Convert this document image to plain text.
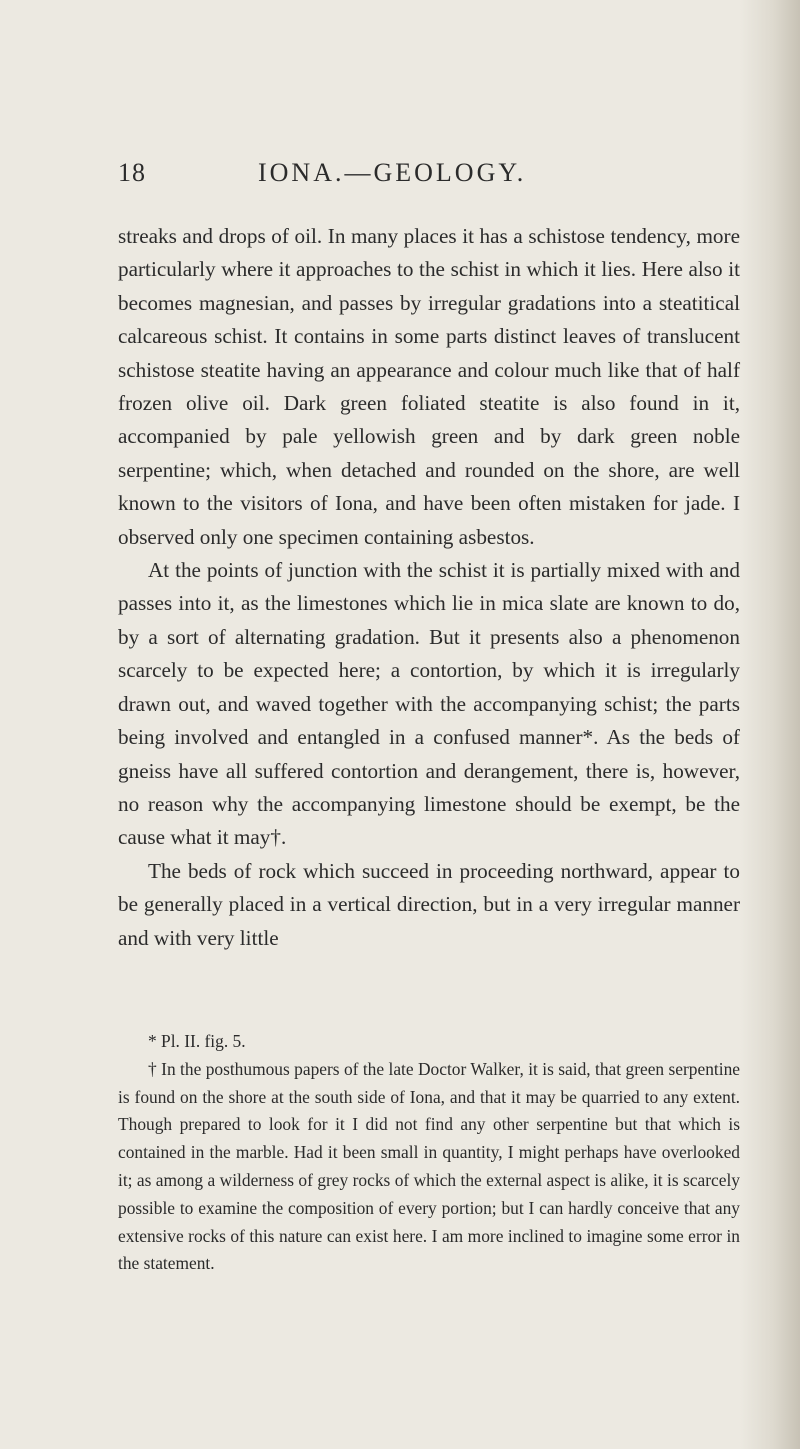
18	IONA.—GEOLOGY.

streaks and drops of oil. In many places it has a schistose tendency, more particularly where it approaches to the schist in which it lies. Here also it becomes magnesian, and passes by irregular gradations into a steatitical calcareous schist. It contains in some parts distinct leaves of translucent schistose steatite having an appearance and colour much like that of half frozen olive oil. Dark green foliated steatite is also found in it, accompanied by pale yellowish green and by dark green noble serpentine; which, when detached and rounded on the shore, are well known to the visitors of Iona, and have been often mistaken for jade. I observed only one specimen containing asbestos.

At the points of junction with the schist it is partially mixed with and passes into it, as the limestones which lie in mica slate are known to do, by a sort of alternating gradation. But it presents also a phenomenon scarcely to be expected here; a contortion, by which it is irregularly drawn out, and waved together with the accompanying schist; the parts being involved and entangled in a confused manner*. As the beds of gneiss have all suffered contortion and derangement, there is, however, no reason why the accompanying limestone should be exempt, be the cause what it may†.

The beds of rock which succeed in proceeding northward, appear to be generally placed in a vertical direction, but in a very irregular manner and with very little

* Pl. II. fig. 5.

† In the posthumous papers of the late Doctor Walker, it is said, that green serpentine is found on the shore at the south side of Iona, and that it may be quarried to any extent. Though prepared to look for it I did not find any other serpentine but that which is contained in the marble. Had it been small in quantity, I might perhaps have overlooked it; as among a wilderness of grey rocks of which the external aspect is alike, it is scarcely possible to examine the composition of every portion; but I can hardly conceive that any extensive rocks of this nature can exist here. I am more inclined to imagine some error in the statement.
